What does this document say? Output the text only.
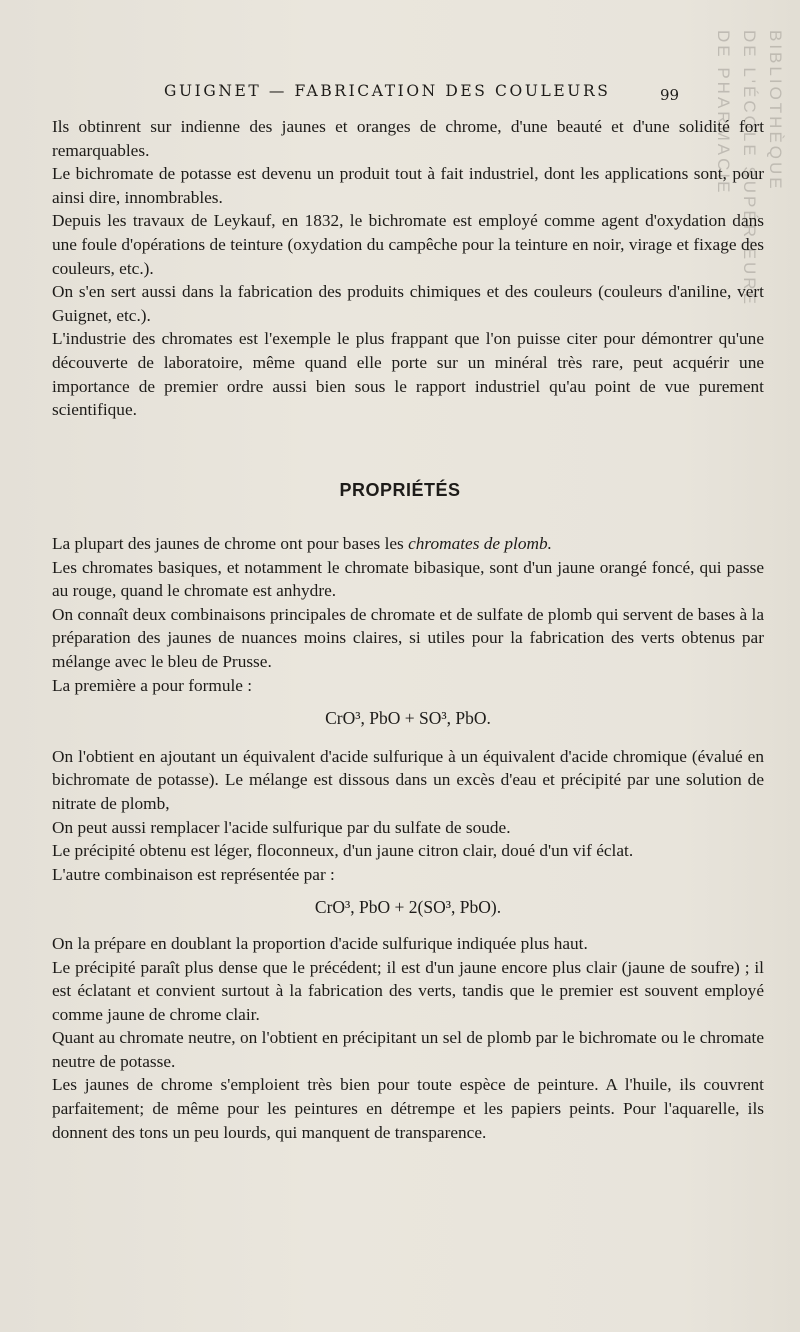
BIBLIOTHÈQUE
DE L'ÉCOLE SUPÉRIEURE
DE PHARMACIE
GUIGNET — FABRICATION DES COULEURS	99

Ils obtinrent sur indienne des jaunes et oranges de chrome, d'une beauté et d'une solidité fort remarquables.

Le bichromate de potasse est devenu un produit tout à fait industriel, dont les applications sont, pour ainsi dire, innombrables.

Depuis les travaux de Leykauf, en 1832, le bichromate est employé comme agent d'oxydation dans une foule d'opérations de teinture (oxydation du campêche pour la teinture en noir, virage et fixage des couleurs, etc.).

On s'en sert aussi dans la fabrication des produits chimiques et des couleurs (couleurs d'aniline, vert Guignet, etc.).

L'industrie des chromates est l'exemple le plus frappant que l'on puisse citer pour démontrer qu'une découverte de laboratoire, même quand elle porte sur un minéral très rare, peut acquérir une importance de premier ordre aussi bien sous le rapport industriel qu'au point de vue purement scientifique.

PROPRIÉTÉS

La plupart des jaunes de chrome ont pour bases les chromates de plomb.

Les chromates basiques, et notamment le chromate bibasique, sont d'un jaune orangé foncé, qui passe au rouge, quand le chromate est anhydre.

On connaît deux combinaisons principales de chromate et de sulfate de plomb qui servent de bases à la préparation des jaunes de nuances moins claires, si utiles pour la fabrication des verts obtenus par mélange avec le bleu de Prusse.

La première a pour formule :

CrO³, PbO + SO³, PbO.

On l'obtient en ajoutant un équivalent d'acide sulfurique à un équivalent d'acide chromique (évalué en bichromate de potasse). Le mélange est dissous dans un excès d'eau et précipité par une solution de nitrate de plomb,

On peut aussi remplacer l'acide sulfurique par du sulfate de soude.

Le précipité obtenu est léger, floconneux, d'un jaune citron clair, doué d'un vif éclat.

L'autre combinaison est représentée par :

CrO³, PbO + 2(SO³, PbO).

On la prépare en doublant la proportion d'acide sulfurique indiquée plus haut.

Le précipité paraît plus dense que le précédent; il est d'un jaune encore plus clair (jaune de soufre) ; il est éclatant et convient surtout à la fabrication des verts, tandis que le premier est souvent employé comme jaune de chrome clair.

Quant au chromate neutre, on l'obtient en précipitant un sel de plomb par le bichromate ou le chromate neutre de potasse.

Les jaunes de chrome s'emploient très bien pour toute espèce de peinture. A l'huile, ils couvrent parfaitement; de même pour les peintures en détrempe et les papiers peints. Pour l'aquarelle, ils donnent des tons un peu lourds, qui manquent de transparence.
